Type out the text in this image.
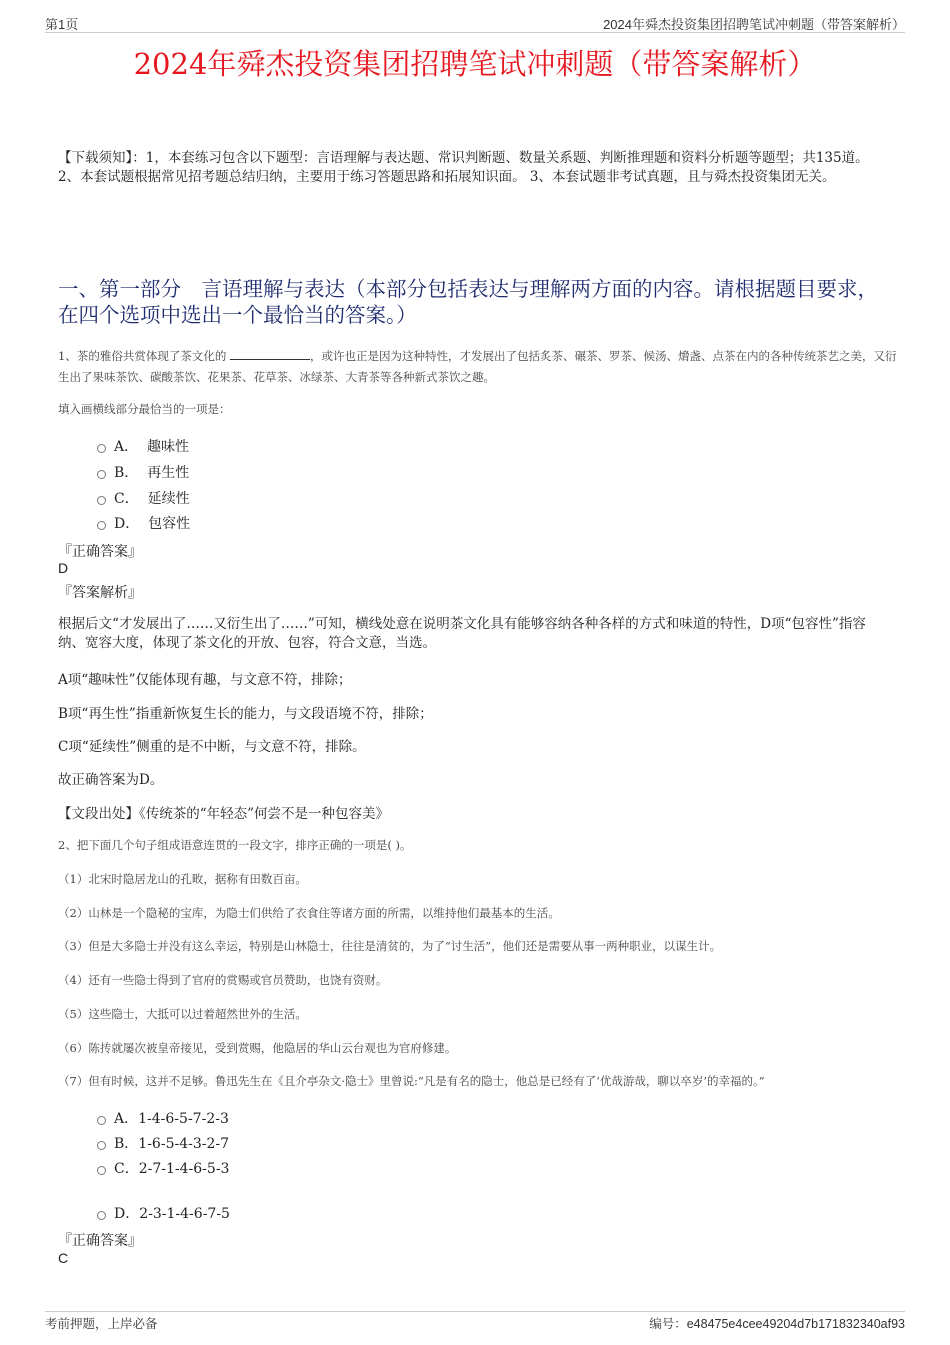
第1页	2024年舜杰投资集团招聘笔试冲刺题（带答案解析）
2024年舜杰投资集团招聘笔试冲刺题（带答案解析）
【下载须知】：1，本套练习包含以下题型：言语理解与表达题、常识判断题、数量关系题、判断推理题和资料分析题等题型；共135道。 2、本套试题根据常见招考题总结归纳，主要用于练习答题思路和拓展知识面。 3、本套试题非考试真题，且与舜杰投资集团无关。
一、第一部分　言语理解与表达（本部分包括表达与理解两方面的内容。请根据题目要求，在四个选项中选出一个最恰当的答案。）
1、茶的雅俗共赏体现了茶文化的	，或许也正是因为这种特性，才发展出了包括炙茶、碾茶、罗茶、候汤、熁盏、点茶在内的各种传统茶艺之美，又衍生出了果味茶饮、碳酸茶饮、花果茶、花草茶、冰绿茶、大青茶等各种新式茶饮之趣。
填入画横线部分最恰当的一项是：
A． 趣味性
B． 再生性
C． 延续性
D． 包容性
『正确答案』
D
『答案解析』
根据后文“才发展出了……又衍生出了……”可知，横线处意在说明茶文化具有能够容纳各种各样的方式和味道的特性，D项“包容性”指容纳、宽容大度，体现了茶文化的开放、包容，符合文意，当选。
A项“趣味性”仅能体现有趣，与文意不符，排除；
B项“再生性”指重新恢复生长的能力，与文段语境不符，排除；
C项“延续性”侧重的是不中断，与文意不符，排除。
故正确答案为D。
【文段出处】《传统茶的“年轻态”何尝不是一种包容美》
2、把下面几个句子组成语意连贯的一段文字，排序正确的一项是( )。
（1）北宋时隐居龙山的孔畋，据称有田数百亩。
（2）山林是一个隐秘的宝库，为隐士们供给了衣食住等诸方面的所需，以维持他们最基本的生活。
（3）但是大多隐士并没有这么幸运，特别是山林隐士，往往是清贫的，为了“讨生活”，他们还是需要从事一两种职业，以谋生计。
（4）还有一些隐士得到了官府的赏赐或官员赞助，也饶有资财。
（5）这些隐士，大抵可以过着超然世外的生活。
（6）陈抟就屡次被皇帝接见，受到赏赐，他隐居的华山云台观也为官府修建。
（7）但有时候，这并不足够。鲁迅先生在《且介亭杂文·隐士》里曾说:“凡是有名的隐士，他总是已经有了‘优哉游哉，聊以卒岁’的幸福的。”
A．1-4-6-5-7-2-3
B．1-6-5-4-3-2-7
C．2-7-1-4-6-5-3
D．2-3-1-4-6-7-5
『正确答案』
C
考前押题，上岸必备	编号：e48475e4cee49204d7b171832340af93
